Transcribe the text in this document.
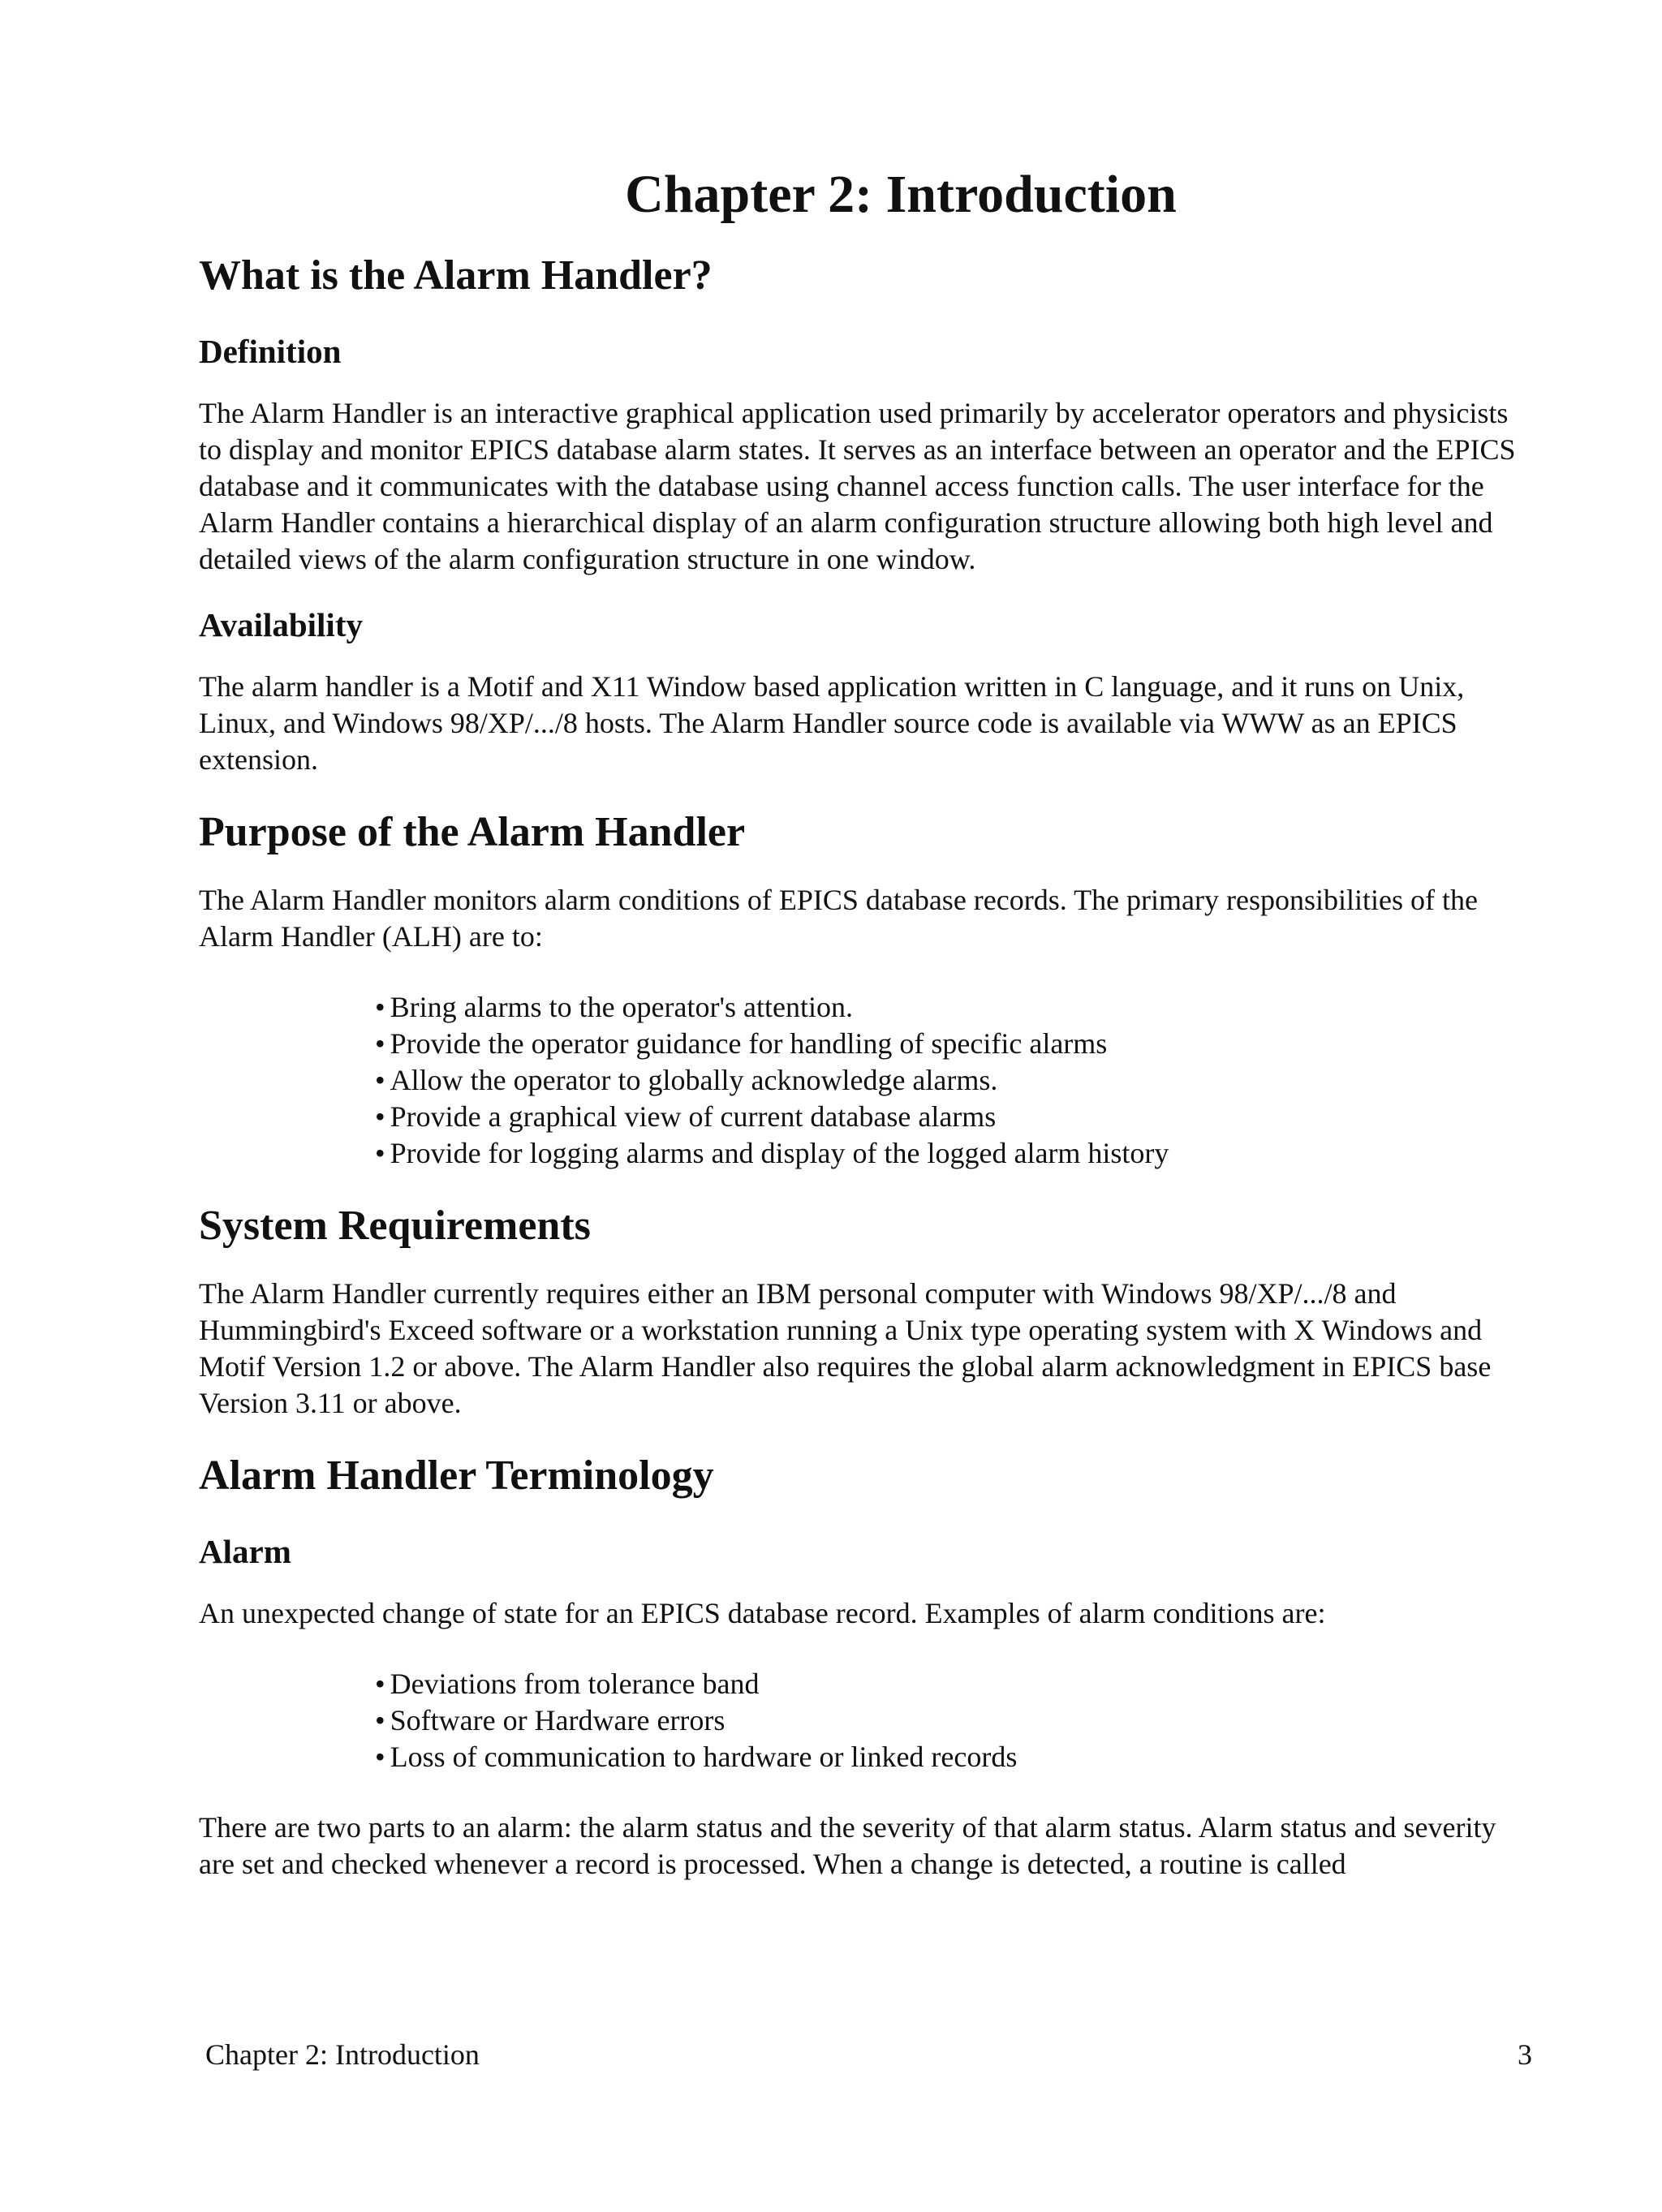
Chapter 2: Introduction
What is the Alarm Handler?
Definition

The Alarm Handler is an interactive graphical application used primarily by accelerator operators and physicists to display and monitor EPICS database alarm states. It serves as an interface between an operator and the EPICS database and it communicates with the database using channel access function calls. The user interface for the Alarm Handler contains a hierarchical display of an alarm configuration structure allowing both high level and detailed views of the alarm configuration structure in one window.

Availability

The alarm handler is a Motif and X11 Window based application written in C language, and it runs on Unix, Linux, and Windows 98/XP/.../8 hosts. The Alarm Handler source code is available via WWW as an EPICS extension.

Purpose of the Alarm Handler

The Alarm Handler monitors alarm conditions of EPICS database records. The primary responsibilities of the Alarm Handler (ALH) are to:

• Bring alarms to the operator's attention.
• Provide the operator guidance for handling of specific alarms
• Allow the operator to globally acknowledge alarms.
• Provide a graphical view of current database alarms
• Provide for logging alarms and display of the logged alarm history
System Requirements

The Alarm Handler currently requires either an IBM personal computer with Windows 98/XP/.../8 and Hummingbird's Exceed software or a workstation running a Unix type operating system with X Windows and Motif Version 1.2 or above. The Alarm Handler also requires the global alarm acknowledgment in EPICS base Version 3.11 or above.

Alarm Handler Terminology
Alarm

An unexpected change of state for an EPICS database record. Examples of alarm conditions are:

• Deviations from tolerance band
• Software or Hardware errors
• Loss of communication to hardware or linked records

There are two parts to an alarm: the alarm status and the severity of that alarm status. Alarm status and severity are set and checked whenever a record is processed. When a change is detected, a routine is called

Chapter 2: Introduction	3
